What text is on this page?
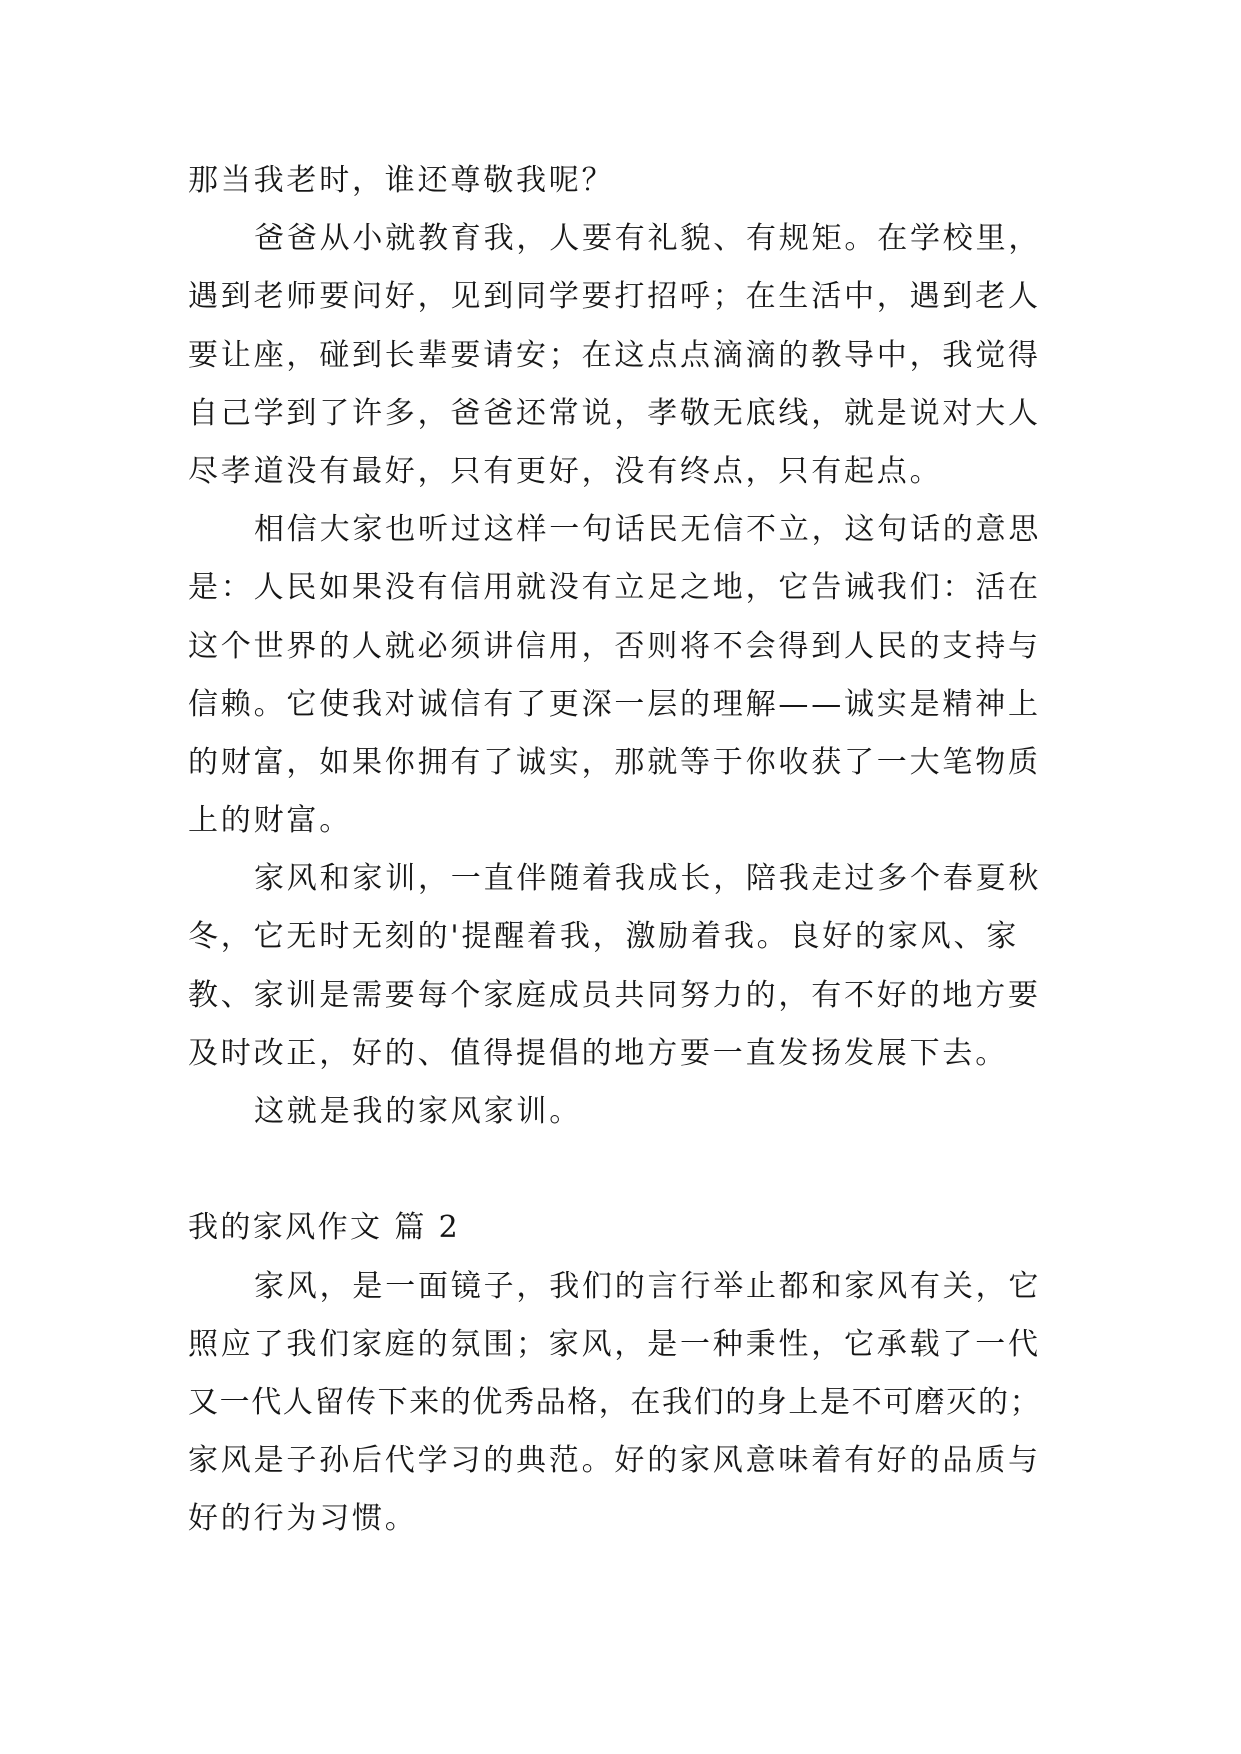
那当我老时，谁还尊敬我呢？
爸爸从小就教育我，人要有礼貌、有规矩。在学校里，
遇到老师要问好，见到同学要打招呼；在生活中，遇到老人
要让座，碰到长辈要请安；在这点点滴滴的教导中，我觉得
自己学到了许多，爸爸还常说，孝敬无底线，就是说对大人
尽孝道没有最好，只有更好，没有终点，只有起点。
相信大家也听过这样一句话民无信不立，这句话的意思
是：人民如果没有信用就没有立足之地，它告诫我们：活在
这个世界的人就必须讲信用，否则将不会得到人民的支持与
信赖。它使我对诚信有了更深一层的理解——诚实是精神上
的财富，如果你拥有了诚实，那就等于你收获了一大笔物质
上的财富。
家风和家训，一直伴随着我成长，陪我走过多个春夏秋
冬，它无时无刻的'提醒着我，激励着我。良好的家风、家
教、家训是需要每个家庭成员共同努力的，有不好的地方要
及时改正，好的、值得提倡的地方要一直发扬发展下去。
这就是我的家风家训。
我的家风作文 篇 2
家风，是一面镜子，我们的言行举止都和家风有关，它
照应了我们家庭的氛围；家风，是一种秉性，它承载了一代
又一代人留传下来的优秀品格，在我们的身上是不可磨灭的；
家风是子孙后代学习的典范。好的家风意味着有好的品质与
好的行为习惯。
